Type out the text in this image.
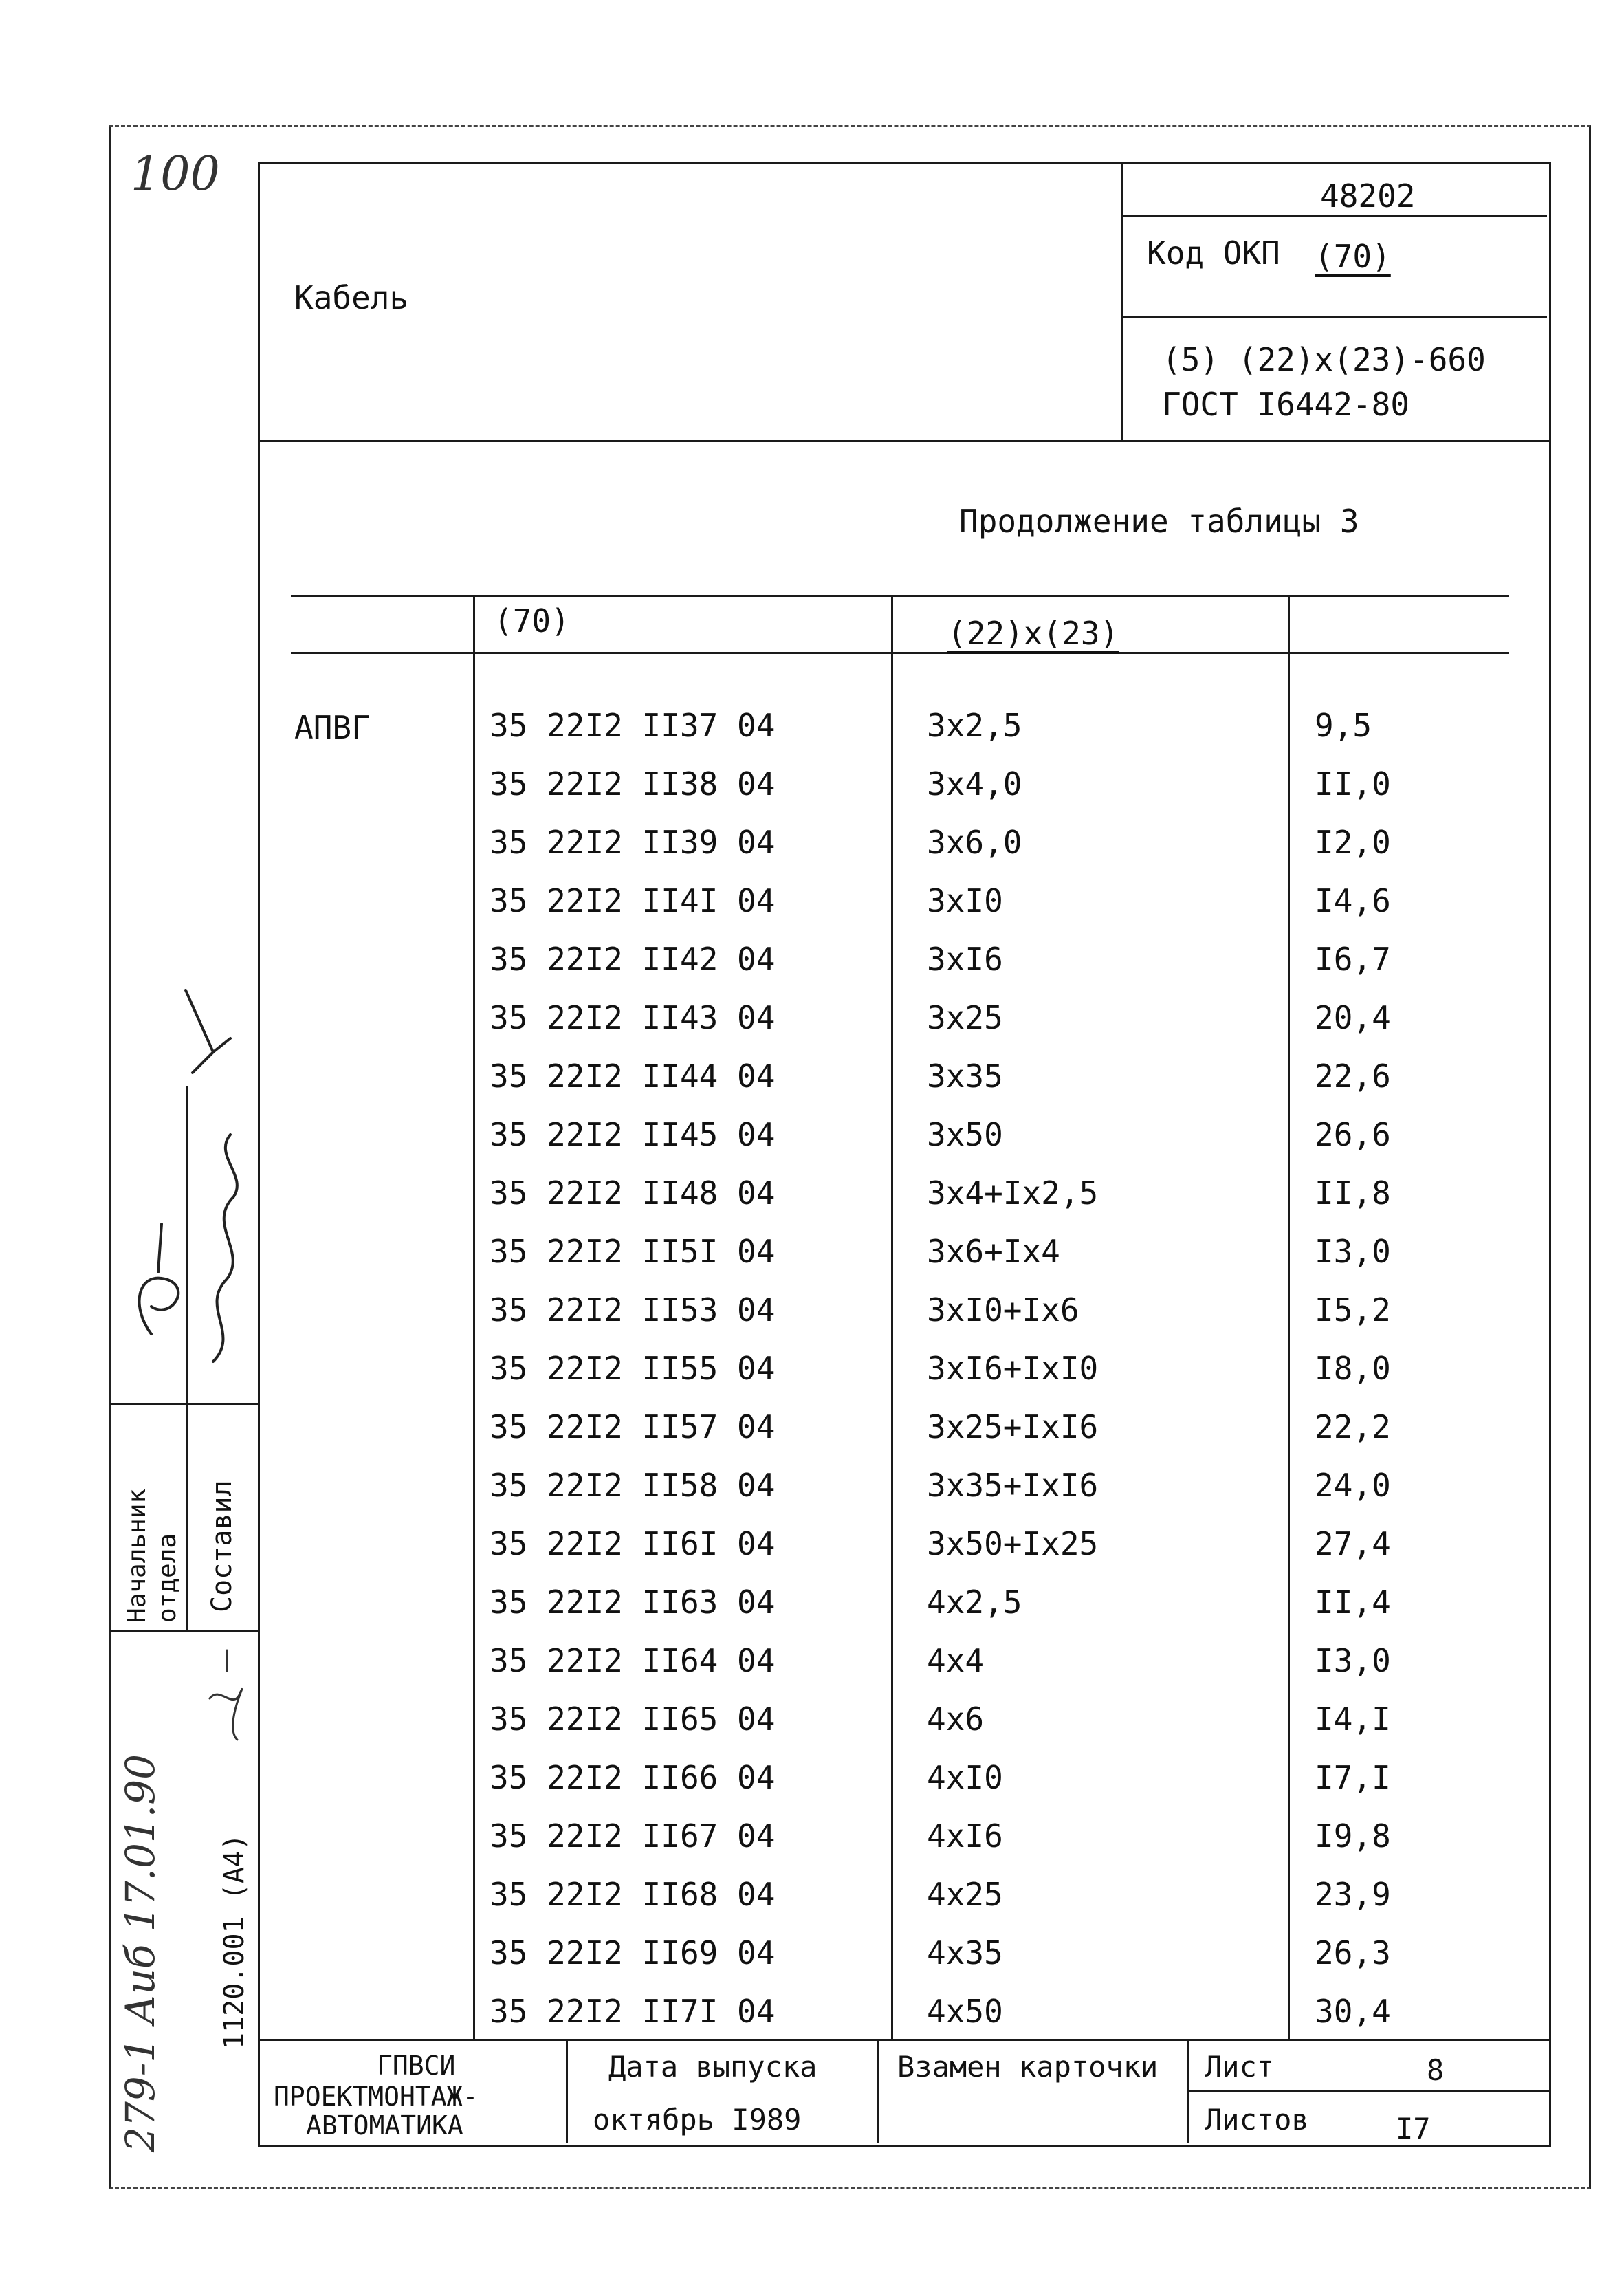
100
Кабель
48202
Код ОКП (70)
(5) (22)x(23)-660
ГОСТ I6442-80
Продолжение таблицы 3
(70)	(22)x(23)
АПВГ	35 22I2 II37 04	3x2,5	9,5
35 22I2 II38 04	3x4,0	II,0
35 22I2 II39 04	3x6,0	I2,0
35 22I2 II4I 04	3xI0	I4,6
35 22I2 II42 04	3xI6	I6,7
35 22I2 II43 04	3x25	20,4
35 22I2 II44 04	3x35	22,6
35 22I2 II45 04	3x50	26,6
35 22I2 II48 04	3x4+Ix2,5	II,8
35 22I2 II5I 04	3x6+Ix4	I3,0
35 22I2 II53 04	3xI0+Ix6	I5,2
35 22I2 II55 04	3xI6+IxI0	I8,0
35 22I2 II57 04	3x25+IxI6	22,2
35 22I2 II58 04	3x35+IxI6	24,0
35 22I2 II6I 04	3x50+Ix25	27,4
35 22I2 II63 04	4x2,5	II,4
35 22I2 II64 04	4x4	I3,0
35 22I2 II65 04	4x6	I4,I
35 22I2 II66 04	4xI0	I7,I
35 22I2 II67 04	4xI6	I9,8
35 22I2 II68 04	4x25	23,9
35 22I2 II69 04	4x35	26,3
35 22I2 II7I 04	4x50	30,4
ГПВСИ
ПРОЕКТМОНТАЖ-
АВТОМАТИКА
Дата выпуска
октябрь I989
Взамен карточки Лист	8
Листов	I7
Начальник отдела Составил
1120.001 (А4)
279-1 Аиб 17.01.90
